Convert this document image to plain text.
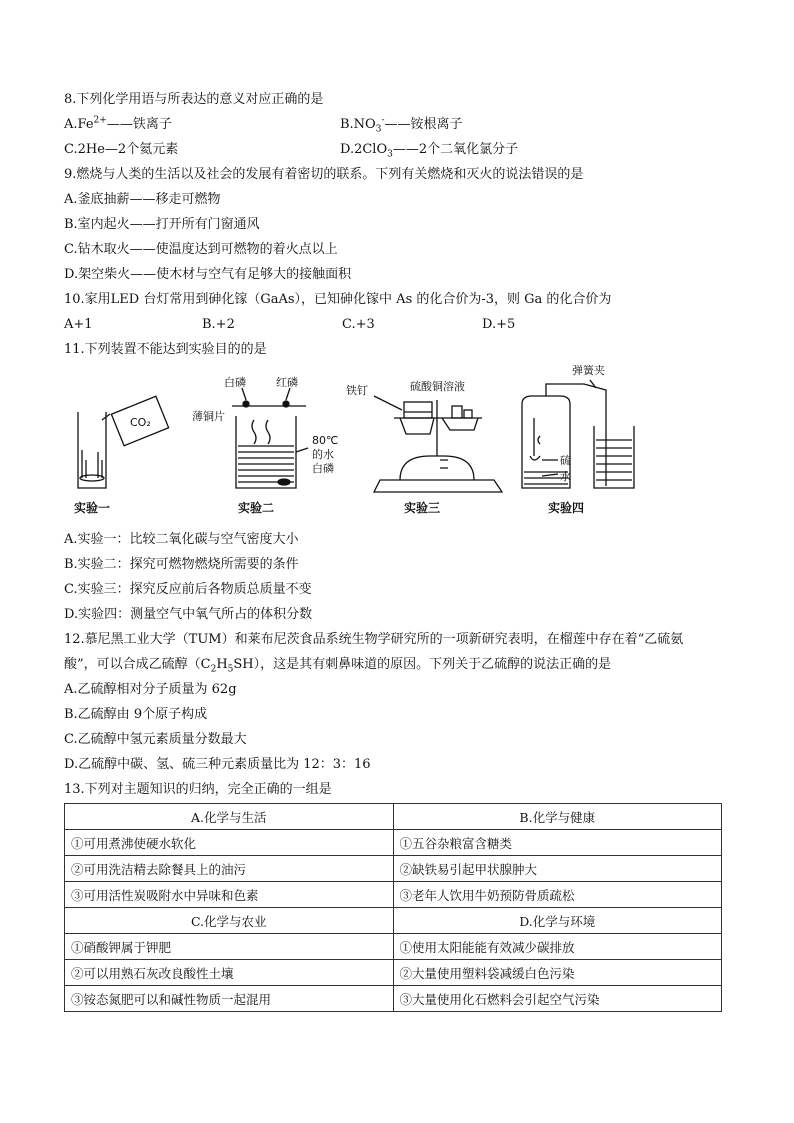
8.下列化学用语与所表达的意义对应正确的是
$A.Fe^{2+}——$铁离子	$B.NO_3^-——$铵根离子
C.2He—2个氦元素	D.2ClO$_3$——2个二氧化氯分子
9.燃烧与人类的生活以及社会的发展有着密切的联系。下列有关燃烧和灭火的说法错误的是
A.釜底抽薪——移走可燃物
B.室内起火——打开所有门窗通风
C.钻木取火——使温度达到可燃物的着火点以上
D.架空柴火——使木材与空气有足够大的接触面积
10.家用LED 台灯常用到砷化镓（GaAs），已知砷化镓中 As 的化合价为-3，则 Ga 的化合价为
A+1	B.+2	C.+3	D.+5
11.下列装置不能达到实验目的的是
CO₂
实验一
白磷	红磷
薄铜片
80℃
的水
白磷
实验二
铁钉	硫酸铜溶液
实验三
弹簧夹
硫
水
实验四
A.实验一：比较二氧化碳与空气密度大小
B.实验二：探究可燃物燃烧所需要的条件
C.实验三：探究反应前后各物质总质量不变
D.实验四：测量空气中氧气所占的体积分数
12.慕尼黑工业大学（TUM）和莱布尼茨食品系统生物学研究所的一项新研究表明，在榴莲中存在着“乙硫氨
酸”，可以合成乙硫醇$(C_2H_5SH)$，这是其有刺鼻味道的原因。下列关于乙硫醇的说法正确的是
A.乙硫醇相对分子质量为 62g
B.乙硫醇由 9个原子构成
C.乙硫醇中氢元素质量分数最大
D.乙硫醇中碳、氢、硫三种元素质量比为 12：3：16
13.下列对主题知识的归纳，完全正确的一组是
A.化学与生活	B.化学与健康
①可用煮沸使硬水软化	①五谷杂粮富含糖类
②可用洗洁精去除餐具上的油污	②缺铁易引起甲状腺肿大
③可用活性炭吸附水中异味和色素	③老年人饮用牛奶预防骨质疏松
C.化学与农业	D.化学与环境
①硝酸钾属于钾肥	①使用太阳能能有效减少碳排放
②可以用熟石灰改良酸性土壤	②大量使用塑料袋减缓白色污染
③铵态氮肥可以和碱性物质一起混用	③大量使用化石燃料会引起空气污染
